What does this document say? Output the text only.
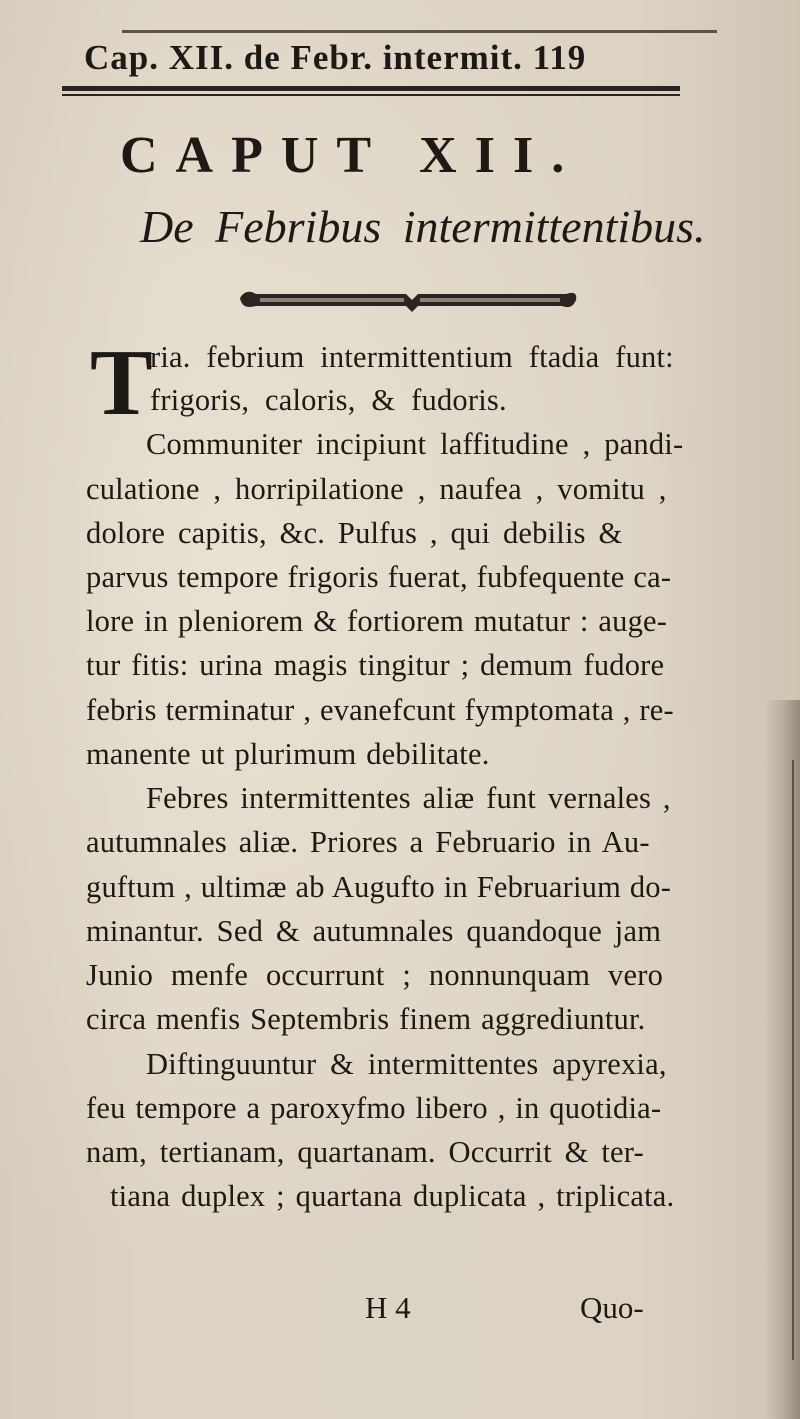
Cap. XII. de Febr. intermit. 119
CAPUT XII.
De Febribus intermittentibus.
T
ria. febrium intermittentium ftadia funt:
frigoris, caloris, & fudoris.
Communiter incipiunt laffitudine , pandi-
culatione , horripilatione , naufea , vomitu ,
dolore capitis, &c. Pulfus , qui debilis &
parvus tempore frigoris fuerat, fubfequente ca-
lore in pleniorem & fortiorem mutatur : auge-
tur fitis: urina magis tingitur ; demum fudore
febris terminatur , evanefcunt fymptomata , re-
manente ut plurimum debilitate.
Febres intermittentes aliæ funt vernales ,
autumnales aliæ. Priores a Februario in Au-
guftum , ultimæ ab Augufto in Februarium do-
minantur. Sed & autumnales quandoque jam
Junio menfe occurrunt ; nonnunquam vero
circa menfis Septembris finem aggrediuntur.
Diftinguuntur & intermittentes apyrexia,
feu tempore a paroxyfmo libero , in quotidia-
nam, tertianam, quartanam. Occurrit & ter-
tiana duplex ; quartana duplicata , triplicata.
H 4	Quo-
